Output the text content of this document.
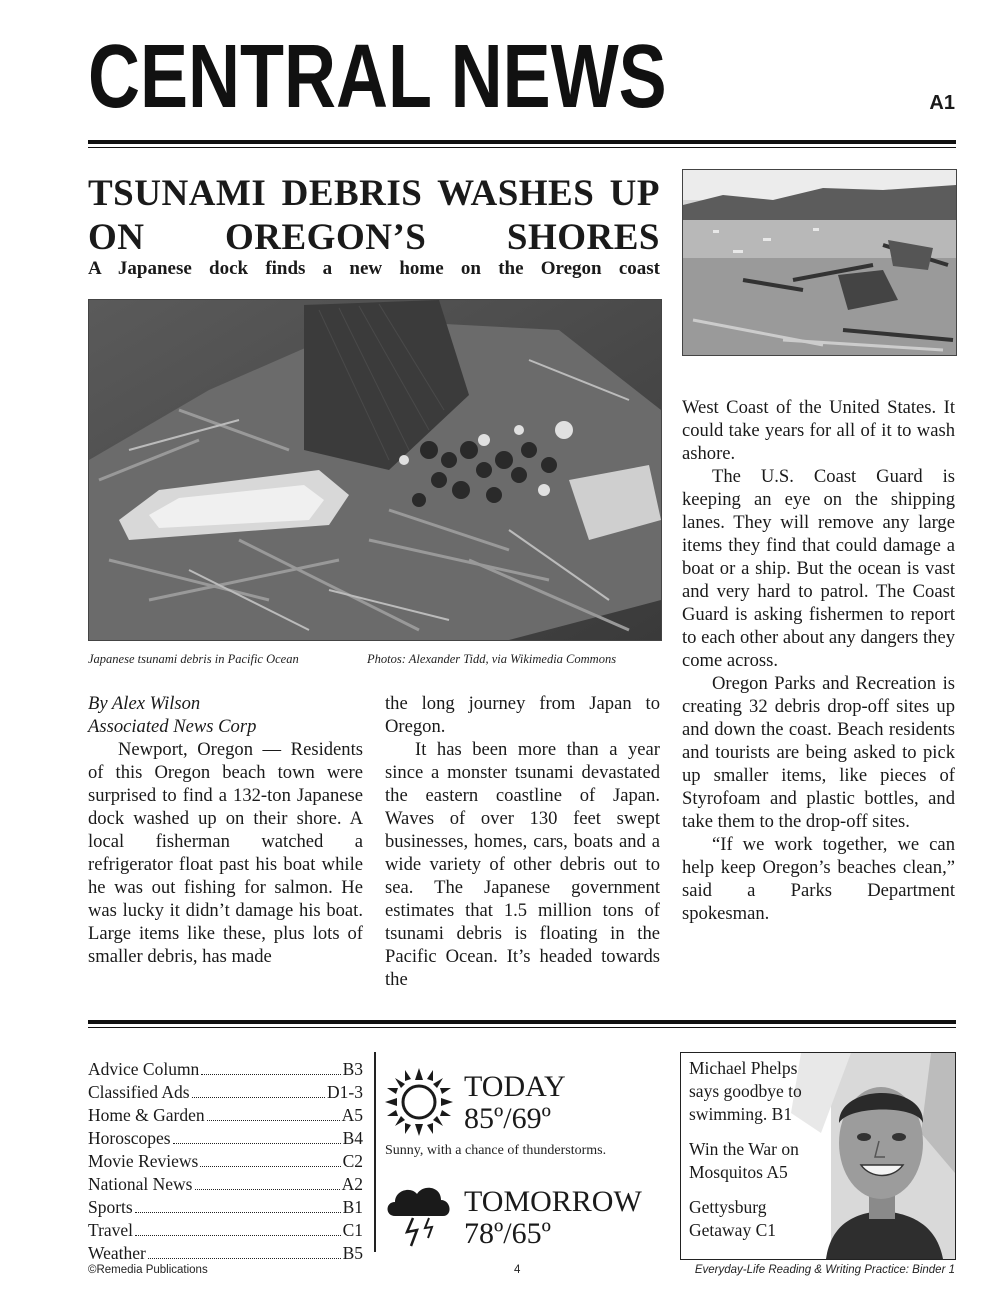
CENTRAL NEWS	A1
TSUNAMI DEBRIS WASHES UP ON OREGON’S SHORES
A Japanese dock finds a new home on the Oregon coast
Japanese tsunami debris in Pacific Ocean	Photos: Alexander Tidd, via Wikimedia Commons

By Alex Wilson

Associated News Corp

Newport, Oregon — Residents of this Oregon beach town were surprised to find a 132-ton Japanese dock washed up on their shore. A local fisherman watched a refrigerator float past his boat while he was out fishing for salmon. He was lucky it didn’t damage his boat. Large items like these, plus lots of smaller debris, has made

the long journey from Japan to Oregon.

It has been more than a year since a monster tsunami devastated the eastern coastline of Japan. Waves of over 130 feet swept businesses, homes, cars, boats and a wide variety of other debris out to sea. The Japanese government estimates that 1.5 million tons of tsunami debris is floating in the Pacific Ocean. It’s headed towards the

West Coast of the United States. It could take years for all of it to wash ashore.

The U.S. Coast Guard is keeping an eye on the shipping lanes. They will remove any large items they find that could damage a boat or a ship. But the ocean is vast and very hard to patrol. The Coast Guard is asking fishermen to report to each other about any dangers they come across.

Oregon Parks and Recreation is creating 32 debris drop-off sites up and down the coast. Beach residents and tourists are being asked to pick up smaller items, like pieces of Styrofoam and plastic bottles, and take them to the drop-off sites.

“If we work together, we can help keep Oregon’s beaches clean,” said a Parks Department spokesman.

Advice Column	B3
Classified Ads	D1-3
Home & Garden	A5
Horoscopes	B4
Movie Reviews	C2
National News	A2
Sports	B1
Travel	C1
Weather	B5
TODAY
85º/69º
Sunny, with a chance of thunderstorms.
TOMORROW
78º/65º

Michael Phelps says goodbye to swimming. B1

Win the War on Mosquitos A5

Gettysburg Getaway C1

©Remedia Publications	4	Everyday-Life Reading & Writing Practice: Binder 1
